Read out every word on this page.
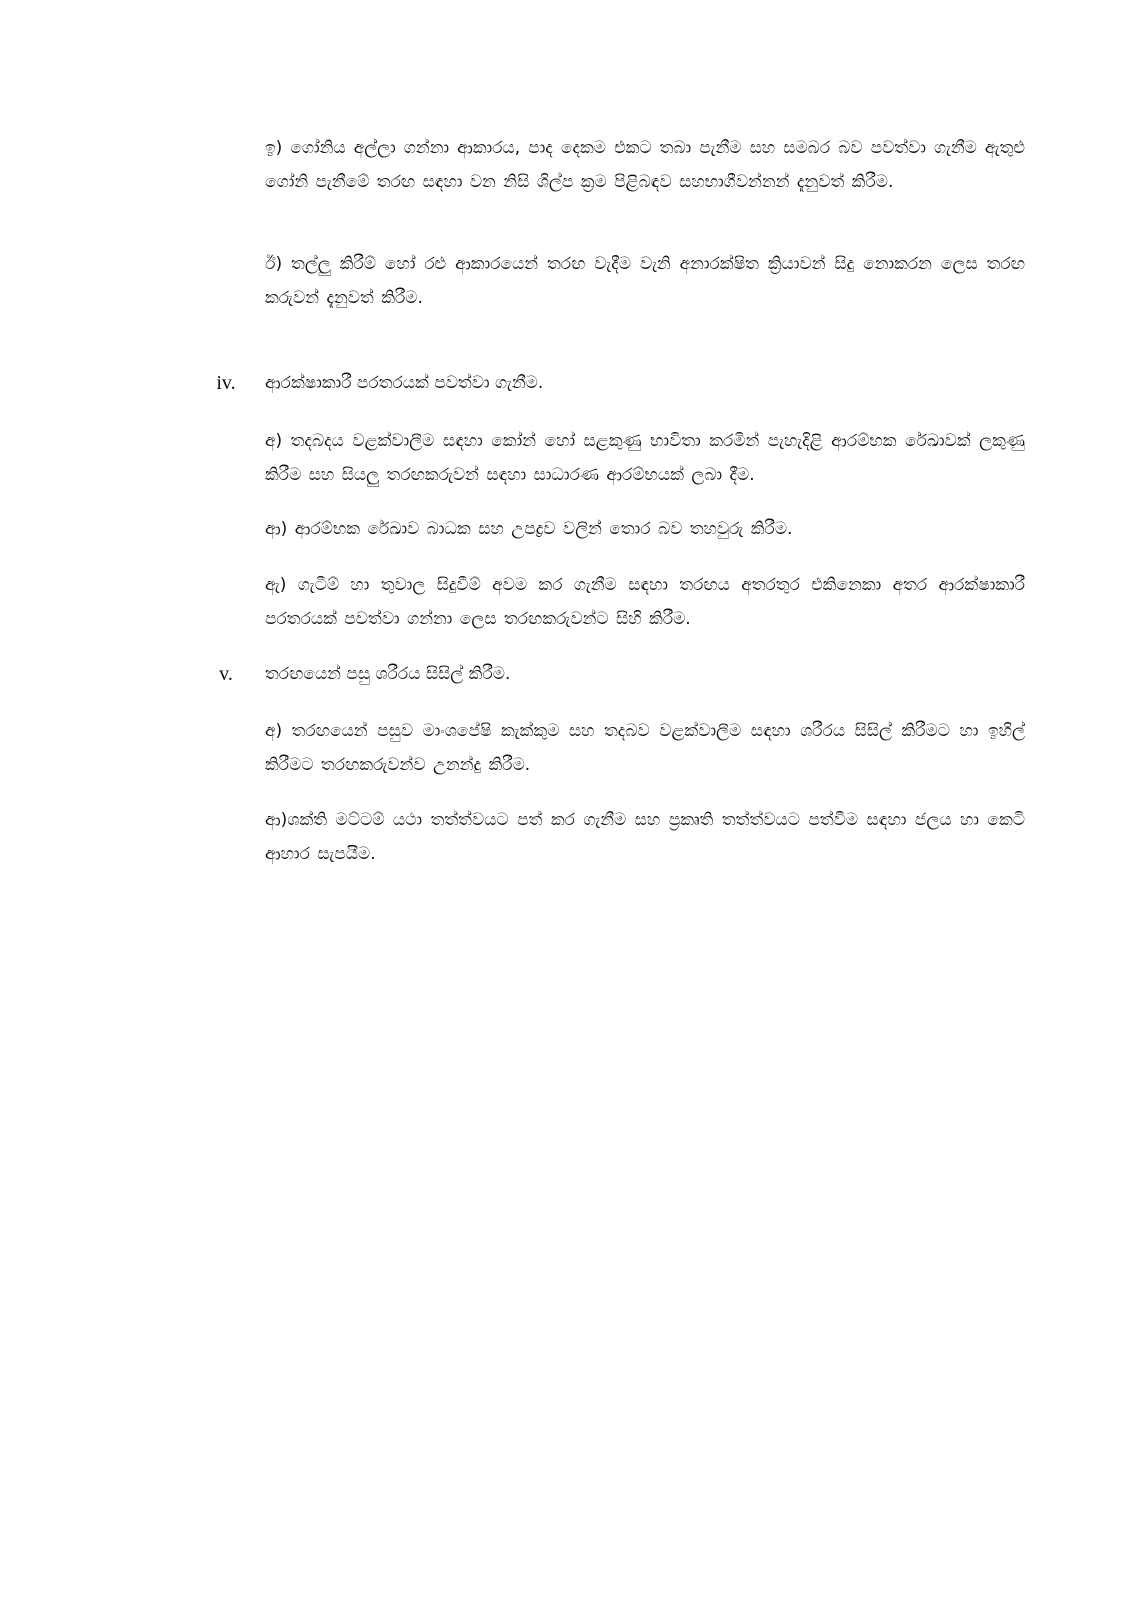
ඉ) ගෝනිය අල්ලා ගන්නා ආකාරය, පාද දෙකම එකට තබා පැනීම සහ සමබර බව පවත්වා ගැනීම ඇතුළු ගෝනි පැනීමේ තරඟ සඳහා වන නිසි ශිල්ප ක්‍රම පිළිබඳව සහභාගීවන්නන් දැනුවත් කිරීම.

ඊ) තල්ලු කිරීම් හෝ රළු ආකාරයෙන් තරඟ වැදීම වැනි අනාරක්ෂිත ක්‍රියාවන් සිදු නොකරන ලෙස තරඟ කරුවන් දැනුවත් කිරීම.

iv.	ආරක්ෂාකාරී පරතරයක් පවත්වා ගැනීම.

අ) තදබදය වළක්වාලීම සඳහා කෝන් හෝ සළකුණු භාවිතා කරමින් පැහැදිළි ආරම්භක රේඛාවක් ලකුණු කිරීම සහ සියලු තරඟකරුවන් සඳහා සාධාරණ ආරම්භයක් ලබා දීම.

ආ) ආරම්භක රේඛාව බාධක සහ උපද්‍රව වලින් තොර බව තහවුරු කිරීම.

ඇ) ගැටීම් හා තුවාල සිදුවීම් අවම කර ගැනීම සඳහා තරඟය අතරතුර එකිනෙකා අතර ආරක්ෂාකාරී පරතරයක් පවත්වා ගන්නා ලෙස තරඟකරුවන්ට සිහි කිරීම.

v.	තරඟයෙන් පසු ශරීරය සිසිල් කිරීම.

අ) තරඟයෙන් පසුව මාංශපේෂි කැක්කුම සහ තදබව වළක්වාලීම සඳහා ශරීරය සිසිල් කිරීමට හා ඉහිල් කිරීමට තරඟකරුවන්ව උනන්දු කිරීම.

ආ)ශක්ති මට්ටම් යථා තත්ත්වයට පත් කර ගැනීම සහ ප්‍රකෘති තත්ත්වයට පත්වීම සඳහා ජලය හා කෙටි ආහාර සැපයීම.
